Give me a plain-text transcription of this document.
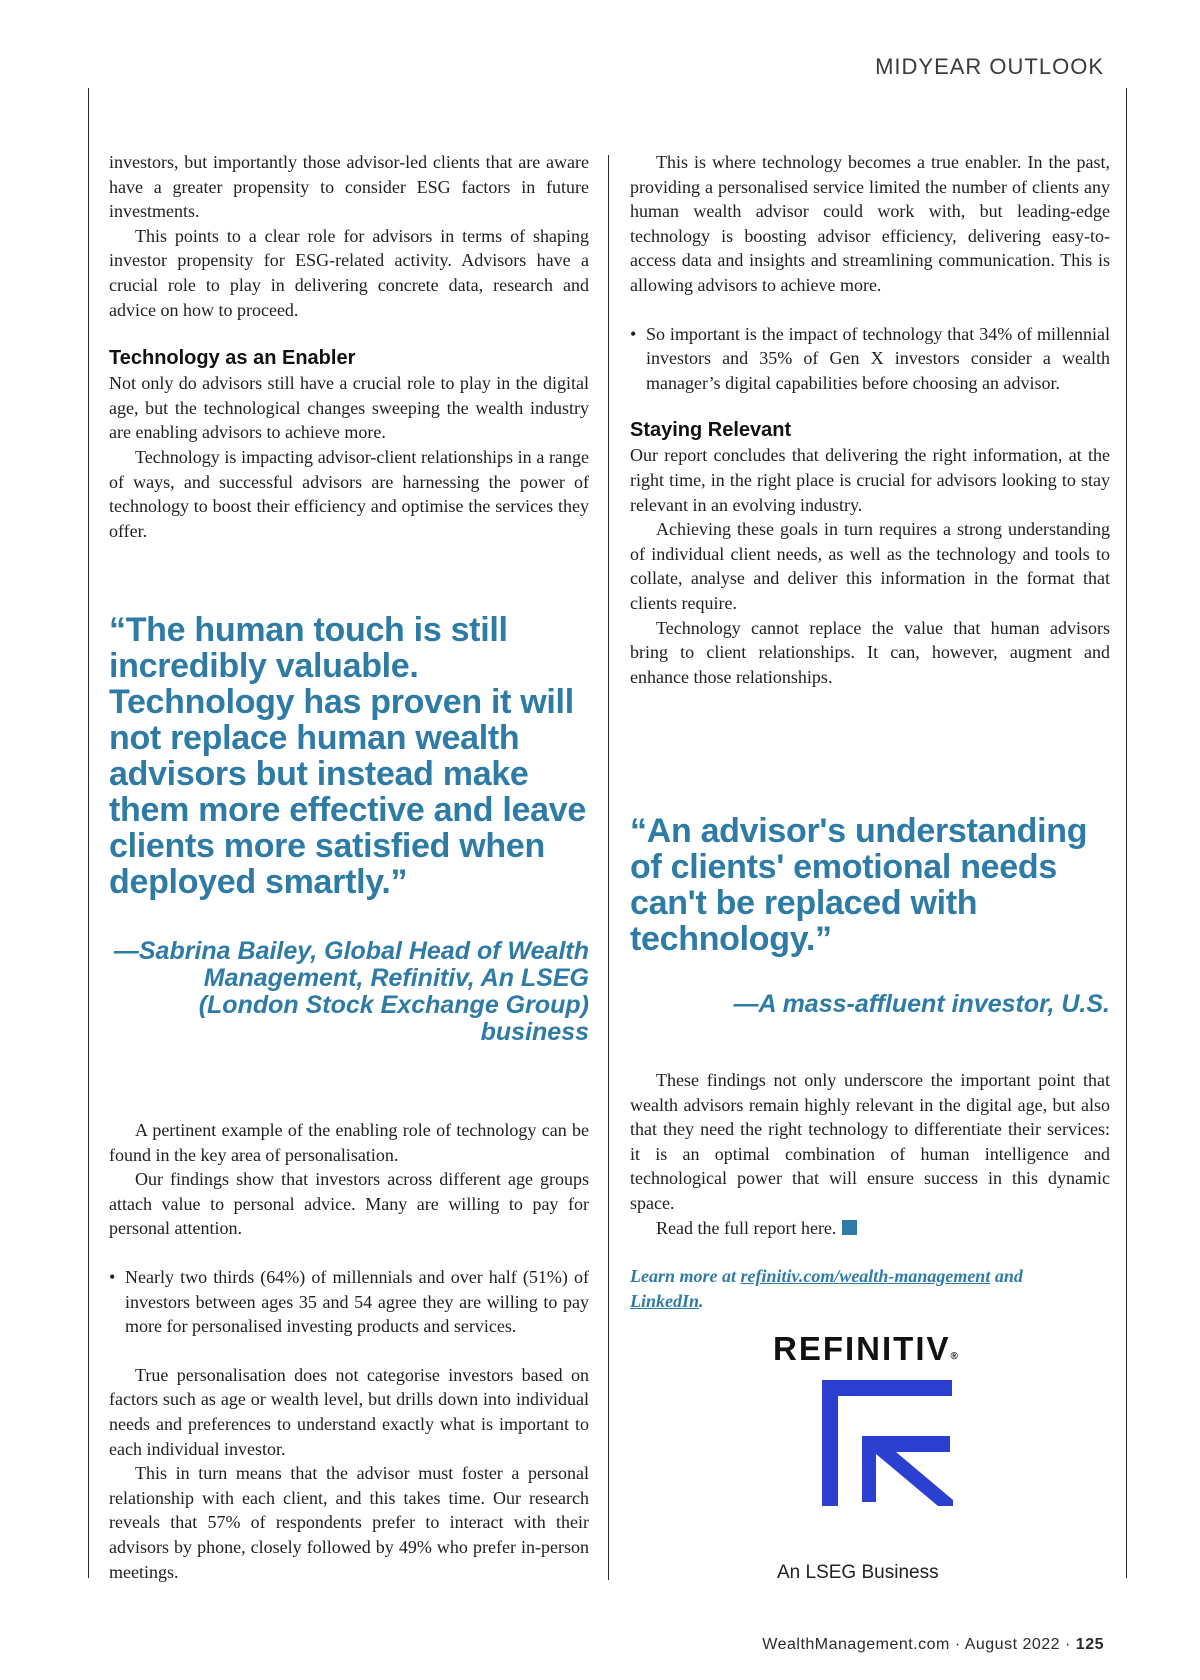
MIDYEAR OUTLOOK

investors, but importantly those advisor-led clients that are aware have a greater propensity to consider ESG factors in future investments.

This points to a clear role for advisors in terms of shaping investor propensity for ESG-related activity. Advisors have a crucial role to play in delivering concrete data, research and advice on how to proceed.

Technology as an Enabler

Not only do advisors still have a crucial role to play in the digital age, but the technological changes sweeping the wealth industry are enabling advisors to achieve more.

Technology is impacting advisor-client relationships in a range of ways, and successful advisors are harnessing the power of technology to boost their efficiency and optimise the services they offer.

“The human touch is still incredibly valuable. Technology has proven it will not replace human wealth advisors but instead make them more effective and leave clients more satisfied when deployed smartly.”

—Sabrina Bailey, Global Head of Wealth Management, Refinitiv, An LSEG (London Stock Exchange Group) business

A pertinent example of the enabling role of technology can be found in the key area of personalisation.

Our findings show that investors across different age groups attach value to personal advice. Many are willing to pay for personal attention.

• Nearly two thirds (64%) of millennials and over half (51%) of investors between ages 35 and 54 agree they are willing to pay more for personalised investing products and services.

True personalisation does not categorise investors based on factors such as age or wealth level, but drills down into individual needs and preferences to understand exactly what is important to each individual investor.

This in turn means that the advisor must foster a personal relationship with each client, and this takes time. Our research reveals that 57% of respondents prefer to interact with their advisors by phone, closely followed by 49% who prefer in-person meetings.

This is where technology becomes a true enabler. In the past, providing a personalised service limited the number of clients any human wealth advisor could work with, but leading-edge technology is boosting advisor efficiency, delivering easy-to-access data and insights and streamlining communication. This is allowing advisors to achieve more.

• So important is the impact of technology that 34% of millennial investors and 35% of Gen X investors consider a wealth manager’s digital capabilities before choosing an advisor.

Staying Relevant

Our report concludes that delivering the right information, at the right time, in the right place is crucial for advisors looking to stay relevant in an evolving industry.

Achieving these goals in turn requires a strong understanding of individual client needs, as well as the technology and tools to collate, analyse and deliver this information in the format that clients require.

Technology cannot replace the value that human advisors bring to client relationships. It can, however, augment and enhance those relationships.

“An advisor's understanding of clients' emotional needs can't be replaced with technology.”

—A mass-affluent investor, U.S.

These findings not only underscore the important point that wealth advisors remain highly relevant in the digital age, but also that they need the right technology to differentiate their services: it is an optimal combination of human intelligence and technological power that will ensure success in this dynamic space.

Read the full report here.

Learn more at refinitiv.com/wealth-management and
LinkedIn.

REFINITIV®
An LSEG Business
WealthManagement.com · August 2022 · 125
